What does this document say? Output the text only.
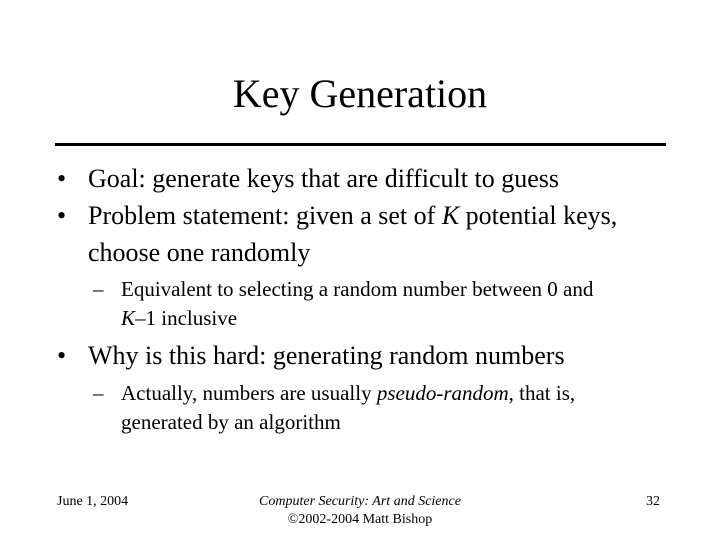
Key Generation
• Goal: generate keys that are difficult to guess
• Problem statement: given a set of K potential keys,
choose one randomly
– Equivalent to selecting a random number between 0 and
K–1 inclusive
• Why is this hard: generating random numbers
– Actually, numbers are usually pseudo-random, that is,
generated by an algorithm
June 1, 2004	Computer Security: Art and Science
©2002-2004 Matt Bishop
32
